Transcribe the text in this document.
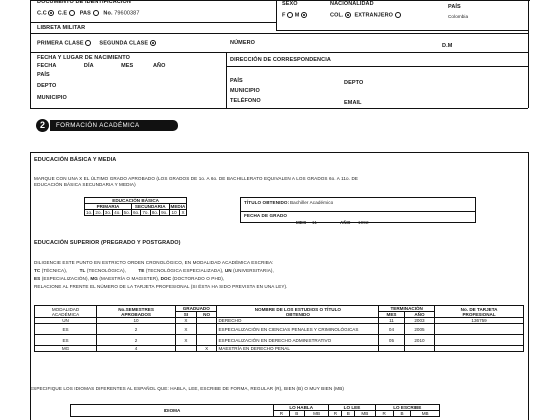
DOCUMENTO DE IDENTIFICACIÓN
C.C C.E PAS No. 79600387
SEXO
F M
NACIONALIDAD
COL. EXTRANJERO
PAÍS
Colombia
LIBRETA MILITAR
PRIMERA CLASE	SEGUNDA CLASE	NÚMERO	D.M
FECHA Y LUGAR DE NACIMIENTO
FECHA	DÍA	MES	AÑO
PAÍS
DEPTO
MUNICIPIO
DIRECCIÓN DE CORRESPONDENCIA
PAÍS	DEPTO
MUNICIPIO
TELÉFONO	EMAIL
2	FORMACIÓN ACADÉMICA
EDUCACIÓN BÁSICA Y MEDIA
MARQUE CON UNA X EL ÚLTIMO GRADO APROBADO (LOS GRADOS DE 1o. A 6o. DE BACHILLERATO EQUIVALEN A LOS GRADOS 6o. A 11o. DE
EDUCACIÓN BÁSICA SECUNDARIA Y MEDIA)
EDUCACIÓN BÁSICA										
PRIMARIA					SECUNDARIA				MEDIA	
1o.	2o.	3o.	4o.	5o.	6o.	7o.	8o.	9o.	10	X
TÍTULO OBTENIDO: Bachiller Académico
FECHA DE GRADO
MES 11	AÑO 1992
EDUCACIÓN SUPERIOR (PREGRADO Y POSTGRADO)
DILIGENCIE ESTE PUNTO EN ESTRICTO ORDEN CRONOLÓGICO, EN MODALIDAD ACADÉMICA ESCRIBA:
TC (TÉCNICA),	TL (TECNOLÓGICA),	TE (TECNOLÓGICA ESPECIALIZADA), UN (UNIVERSITARIA),
ES (ESPECIALIZACIÓN), MG (MAESTRÍA O MAGISTER), DOC (DOCTORADO O PHD),
RELACIONE AL FRENTE EL NÚMERO DE LA TARJETA PROFESIONAL (SI ÉSTA HA SIDO PREVISTA EN UNA LEY).
MODALIDAD
ACADÉMICA	No.SEMESTRES
APROBADOS	GRADUADO		NOMBRE DE LOS ESTUDIOS O TÍTULO
OBTENIDO	TERMINACIÓN		No. DE TARJETA
PROFESIONAL
		SI	NO		MES	AÑO	
UN	10	X		DERECHO	11	2003	136759
ES	2	X		ESPECIALIZACIÓN EN CIENCIAS PENALES Y CRIMINOLÓGICAS	04	2005	
ES	2	X		ESPECIALIZACIÓN EN DERECHO ADMINISTRATIVO	05	2010	
MG	4		X	MAESTRÍA EN DERECHO PENAL			
ESPECIFIQUE LOS IDIOMAS DIFERENTES AL ESPAÑOL QUE: HABLA, LEE, ESCRIBE DE FORMA, REGULAR (R), BIEN (B) O MUY BIEN (MB)
IDIOMA	LO HABLA			LO LEE			LO ESCRIBE		
	R	B	MB	R	B	MB	R	B	MB
